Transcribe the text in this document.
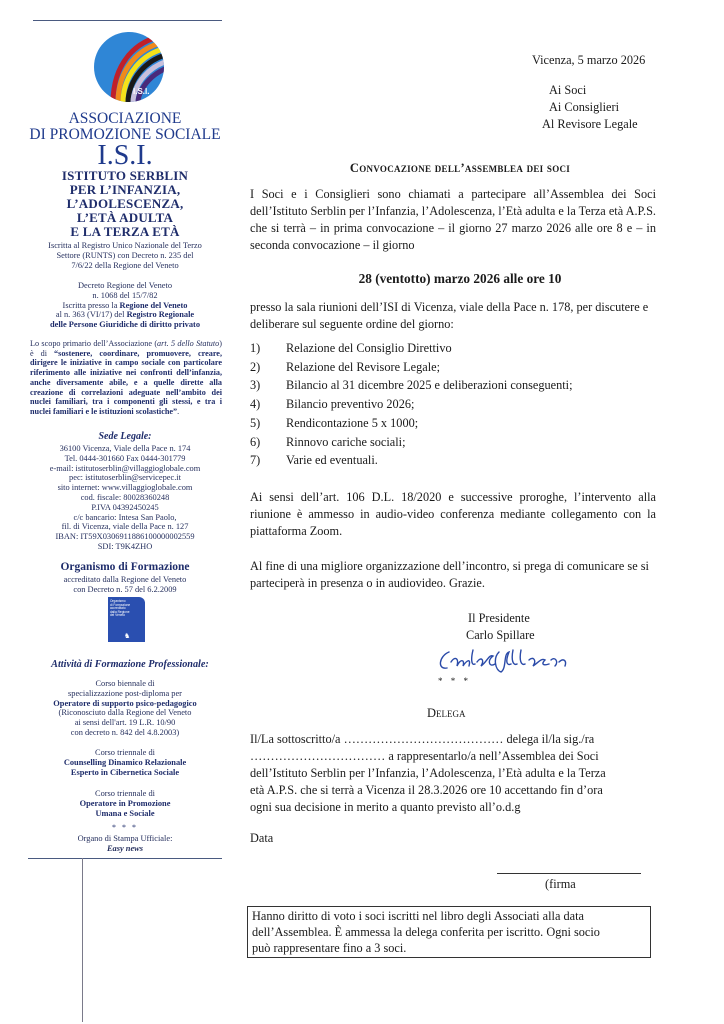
I.S.I.
ASSOCIAZIONE
DI PROMOZIONE SOCIALE
I.S.I.
ISTITUTO SERBLIN
PER L’INFANZIA,
L’ADOLESCENZA,
L’ETÀ ADULTA
E LA TERZA ETÀ
Iscritta al Registro Unico Nazionale del Terzo
Settore (RUNTS) con Decreto n. 235 del
7/6/22 della Regione del Veneto
Decreto Regione del Veneto
n. 1068 del 15/7/82
Iscritta presso la Regione del Veneto
al n. 363 (VI/17) del Registro Regionale
delle Persone Giuridiche di diritto privato
Lo scopo primario dell’Associazione (art. 5 dello Statuto) è di “sostenere, coordinare, promuovere, creare, dirigere le iniziative in campo sociale con particolare riferimento alle iniziative nei confronti dell’infanzia, anche diversamente abile, e a quelle dirette alla creazione di correlazioni adeguate nell’ambito dei nuclei familiari, tra i componenti gli stessi, e tra i nuclei familiari e le istituzioni scolastiche”.
Sede Legale:
36100 Vicenza, Viale della Pace n. 174
Tel. 0444-301660 Fax 0444-301779
e-mail: istitutoserblin@villaggioglobale.com
pec: istitutoserblin@servicepec.it
sito internet: www.villaggioglobale.com
cod. fiscale: 80028360248
P.IVA 04392450245
c/c bancario: Intesa San Paolo,
fil. di Vicenza, viale della Pace n. 127
IBAN: IT59X0306911886100000002559
SDI: T9K4ZHO
Organismo di Formazione
accreditato dalla Regione del Veneto
con Decreto n. 57 del 6.2.2009
Organismo
di Formazione
accreditato
dalla Regione
del Veneto
♞
Attività di Formazione Professionale:
Corso biennale di
specializzazione post-diploma per
Operatore di supporto psico-pedagogico
(Riconosciuto dalla Regione del Veneto
ai sensi dell'art. 19 L.R. 10/90
con decreto n. 842 del 4.8.2003)
Corso triennale di
Counselling Dinamico Relazionale
Esperto in Cibernetica Sociale
Corso triennale di
Operatore in Promozione
Umana e Sociale
* * *
Organo di Stampa Ufficiale:
Easy news
Vicenza, 5 marzo 2026
Ai Soci
Ai Consiglieri
Al Revisore Legale
Convocazione dell’assemblea dei soci
I Soci e i Consiglieri sono chiamati a partecipare all’Assemblea dei Soci dell’Istituto Serblin per l’Infanzia, l’Adolescenza, l’Età adulta e la Terza età A.P.S. che si terrà – in prima convocazione – il giorno 27 marzo 2026 alle ore 8 e – in seconda convocazione – il giorno
28 (ventotto) marzo 2026 alle ore 10
presso la sala riunioni dell’ISI di Vicenza, viale della Pace n. 178, per discutere e deliberare sul seguente ordine del giorno:
1)	Relazione del Consiglio Direttivo
2)	Relazione del Revisore Legale;
3)	Bilancio al 31 dicembre 2025 e deliberazioni conseguenti;
4)	Bilancio preventivo 2026;
5)	Rendicontazione 5 x 1000;
6)	Rinnovo cariche sociali;
7)	Varie ed eventuali.
Ai sensi dell’art. 106 D.L. 18/2020 e successive proroghe, l’intervento alla riunione è ammesso in audio-video conferenza mediante collegamento con la piattaforma Zoom.
Al fine di una migliore organizzazione dell’incontro, si prega di comunicare se si parteciperà in presenza o in audiovideo. Grazie.
Il Presidente
Carlo Spillare
* * *
Delega
Il/La sottoscritto/a ………………………………… delega il/la sig./ra
…………………………… a rappresentarlo/a nell’Assemblea dei Soci
dell’Istituto Serblin per l’Infanzia, l’Adolescenza, l’Età adulta e la Terza
età A.P.S. che si terrà a Vicenza il 28.3.2026 ore 10 accettando fin d’ora
ogni sua decisione in merito a quanto previsto all’o.d.g
Data
(firma
Hanno diritto di voto i soci iscritti nel libro degli Associati alla data
dell’Assemblea. È ammessa la delega conferita per iscritto. Ogni socio
può rappresentare fino a 3 soci.
